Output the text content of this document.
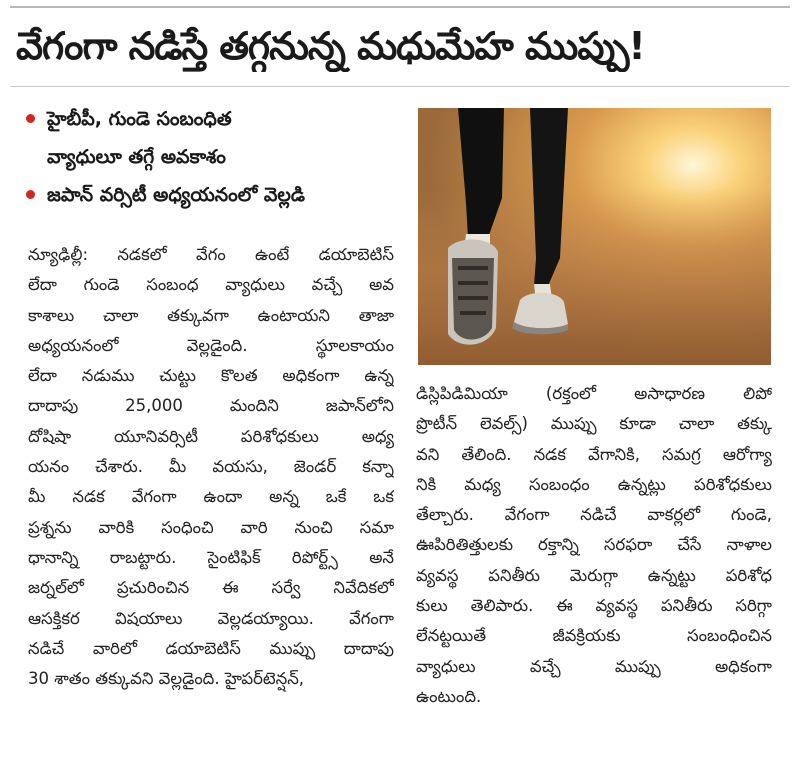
వేగంగా నడిస్తే తగ్గనున్న మధుమేహ ముప్పు!
హైబీపీ, గుండె సంబంధిత
వ్యాధులూ తగ్గే అవకాశం
జపాన్ వర్సిటీ అధ్యయనంలో వెల్లడి
న్యూఢిల్లీ: నడకలో వేగం ఉంటే డయాబెటిస్
లేదా గుండె సంబంధ వ్యాధులు వచ్చే అవ
కాశాలు చాలా తక్కువగా ఉంటాయని తాజా
అధ్యయనంలో వెల్లడైంది. స్థూలకాయం
లేదా నడుము చుట్టు కొలత అధికంగా ఉన్న
దాదాపు 25,000 మందిని జపాన్‌లోని
దోషిషా యూనివర్సిటీ పరిశోధకులు అధ్య
యనం చేశారు. మీ వయసు, జెండర్ కన్నా
మీ నడక వేగంగా ఉందా అన్న ఒకే ఒక
ప్రశ్నను వారికి సంధించి వారి నుంచి సమా
ధానాన్ని రాబట్టారు. సైంటిఫిక్ రిపోర్ట్స్ అనే
జర్నల్‌లో ప్రచురించిన ఈ సర్వే నివేదికలో
ఆసక్తికర విషయాలు వెల్లడయ్యాయి. వేగంగా
నడిచే వారిలో డయాబెటిస్ ముప్పు దాదాపు
30 శాతం తక్కువని వెల్లడైంది. హైపర్‌టెన్షన్,
డిస్లిపిడిమియా (రక్తంలో అసాధారణ లిపో
ప్రొటీన్ లెవల్స్) ముప్పు కూడా చాలా తక్కు
వని తేలింది. నడక వేగానికి, సమగ్ర ఆరోగ్యా
నికి మధ్య సంబంధం ఉన్నట్లు పరిశోధకులు
తేల్చారు. వేగంగా నడిచే వాకర్లలో గుండె,
ఊపిరితిత్తులకు రక్తాన్ని సరఫరా చేసే నాళాల
వ్యవస్థ పనితీరు మెరుగ్గా ఉన్నట్టు పరిశోధ
కులు తెలిపారు. ఈ వ్యవస్థ పనితీరు సరిగ్గా
లేనట్టయితే జీవక్రియకు సంబంధించిన
వ్యాధులు వచ్చే ముప్పు అధికంగా
ఉంటుంది.
